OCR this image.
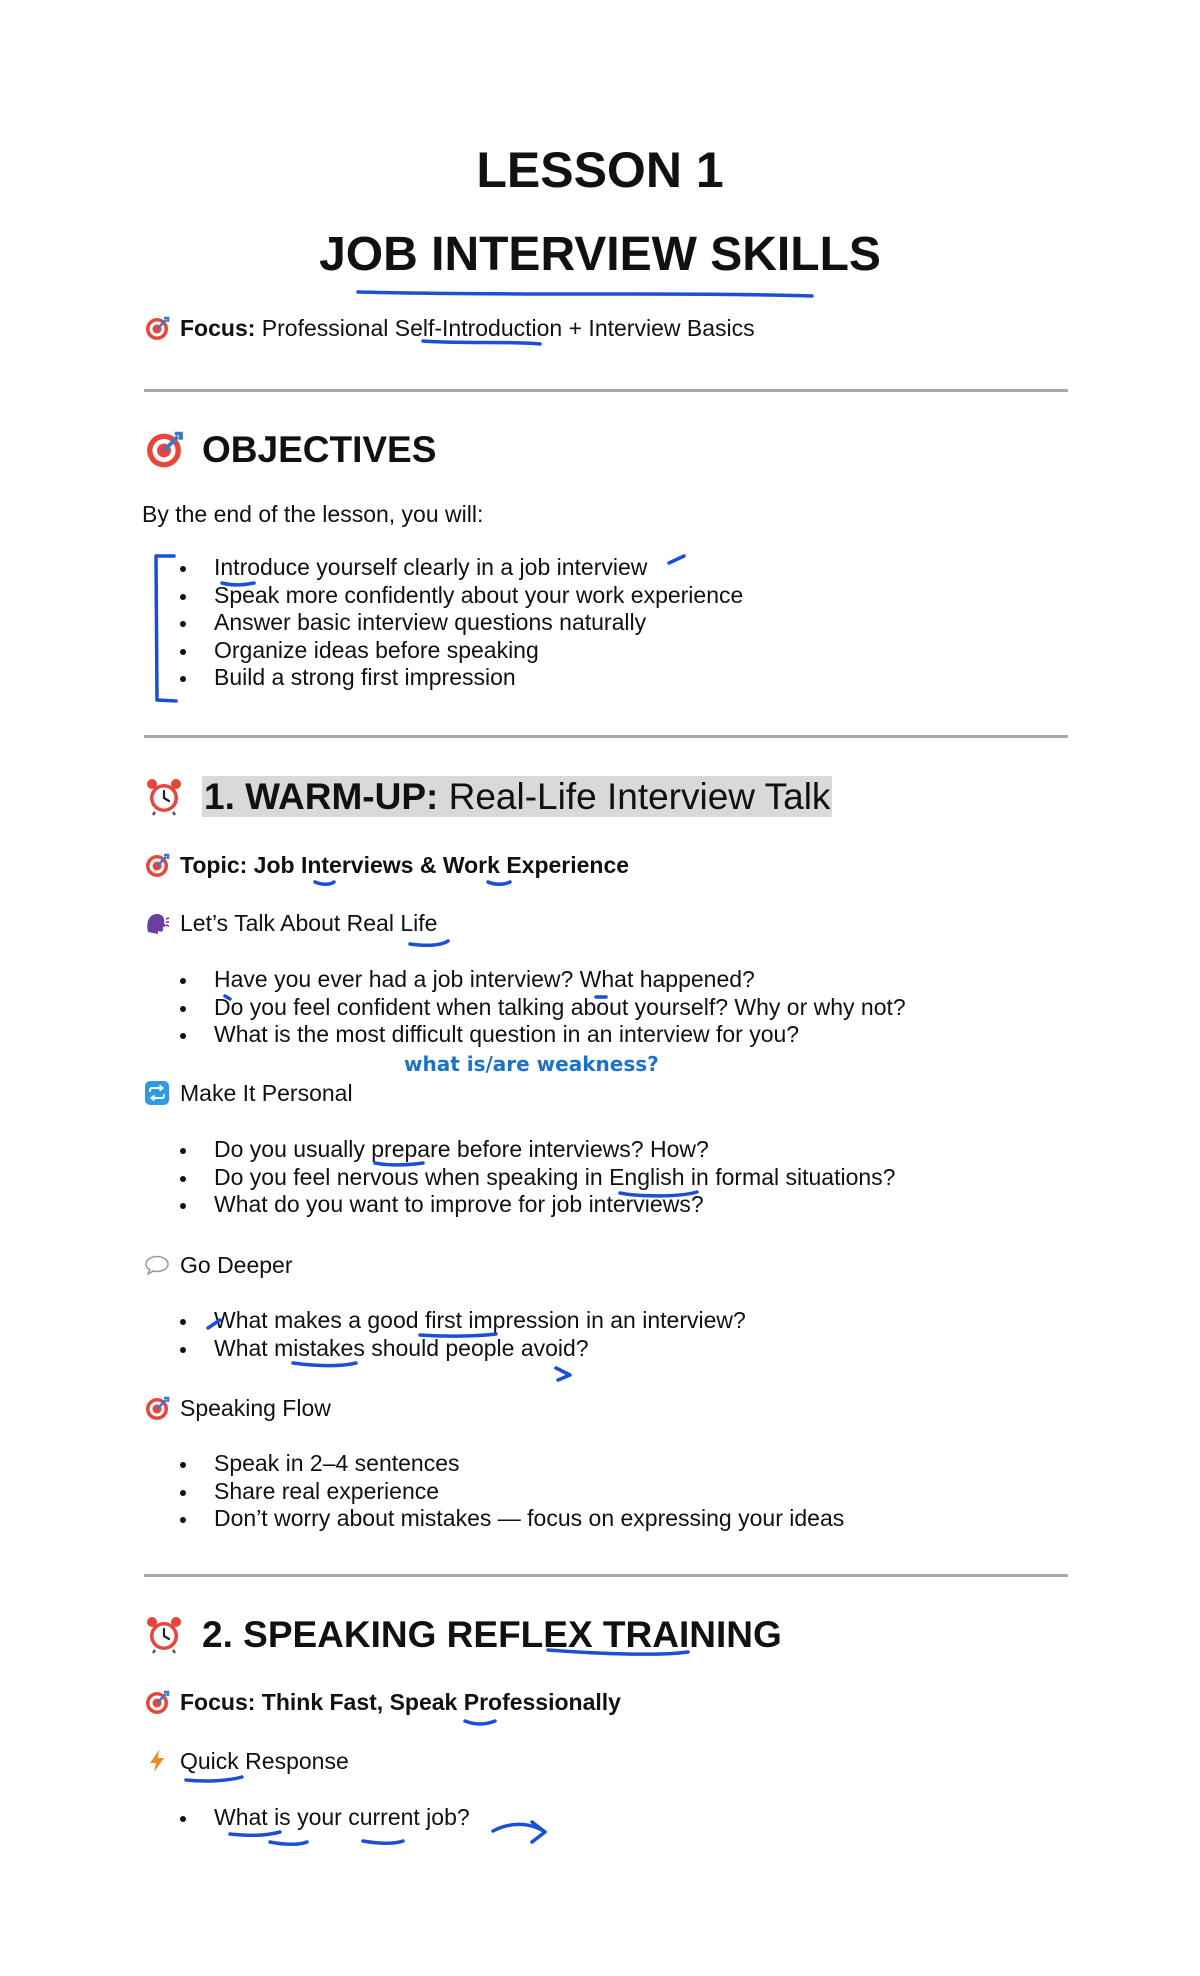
LESSON 1
JOB INTERVIEW SKILLS
Focus: Professional Self-Introduction + Interview Basics
OBJECTIVES
By the end of the lesson, you will:
Introduce yourself clearly in a job interview
Speak more confidently about your work experience
Answer basic interview questions naturally
Organize ideas before speaking
Build a strong first impression
1. WARM-UP: Real-Life Interview Talk
Topic: Job Interviews & Work Experience
Let’s Talk About Real Life
Have you ever had a job interview? What happened?
Do you feel confident when talking about yourself? Why or why not?
What is the most difficult question in an interview for you?
what is/are weakness?
Make It Personal
Do you usually prepare before interviews? How?
Do you feel nervous when speaking in English in formal situations?
What do you want to improve for job interviews?
Go Deeper
What makes a good first impression in an interview?
What mistakes should people avoid?
Speaking Flow
Speak in 2–4 sentences
Share real experience
Don’t worry about mistakes — focus on expressing your ideas
2. SPEAKING REFLEX TRAINING
Focus: Think Fast, Speak Professionally
Quick Response
What is your current job?
